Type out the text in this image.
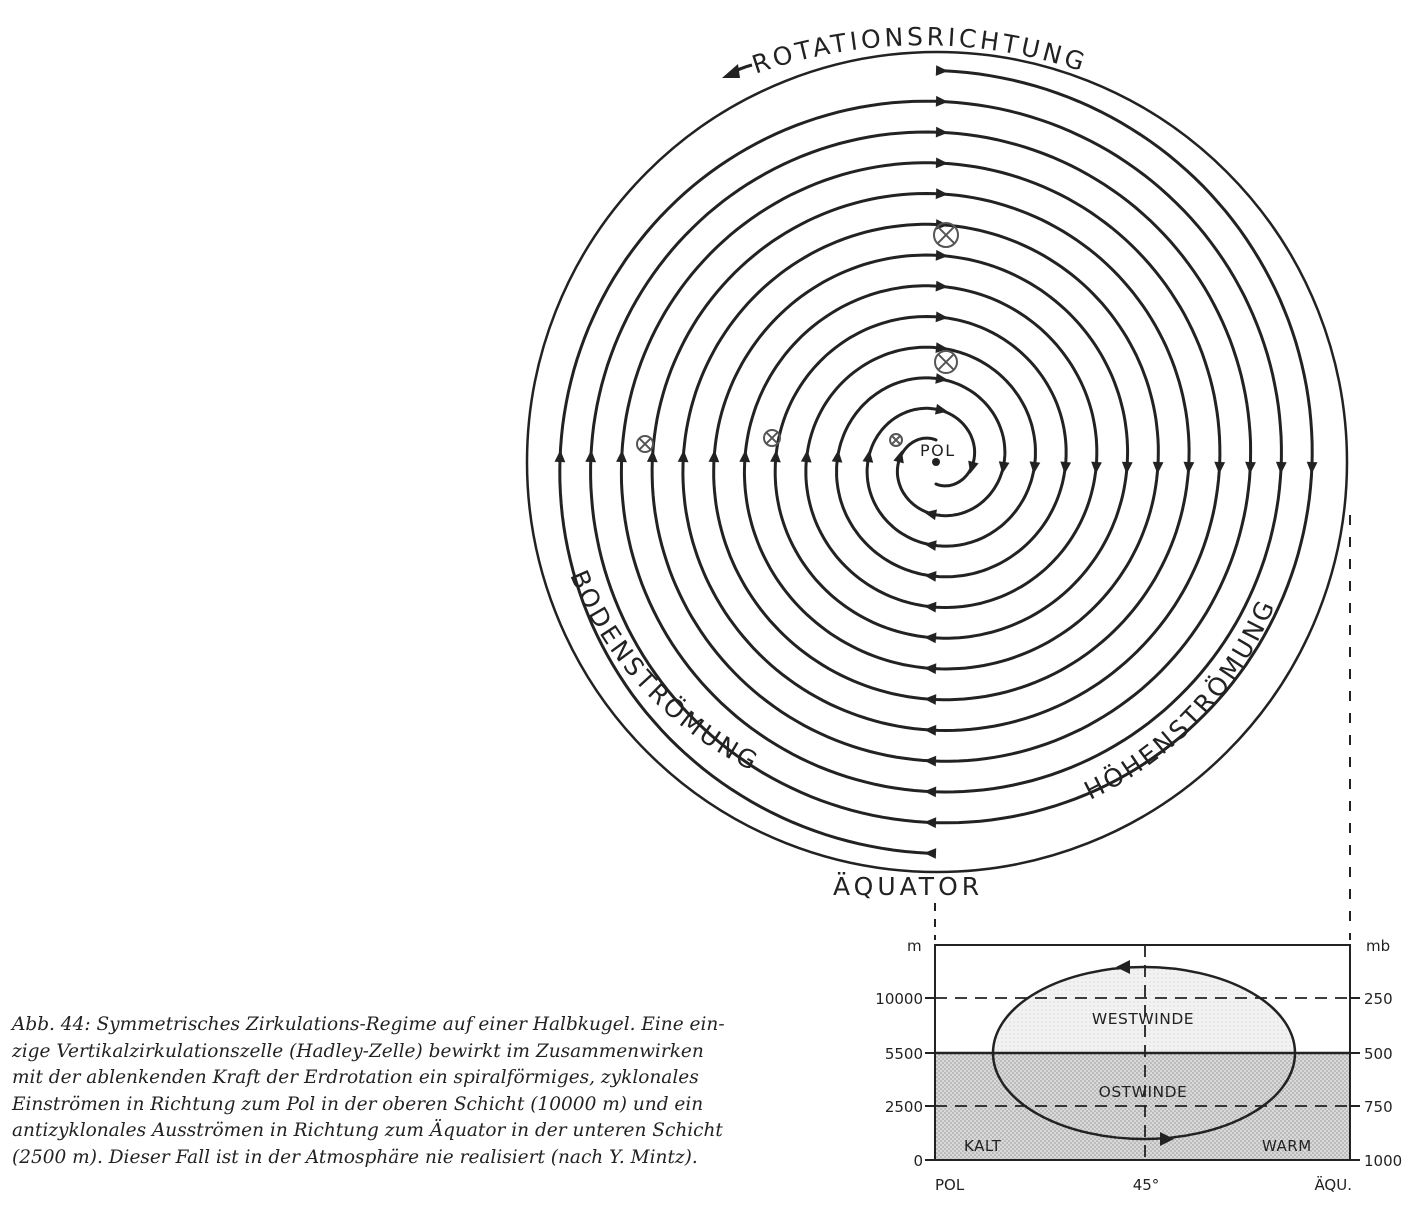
POL
ROTATIONSRICHTUNG
BODENSTRÖMUNG
HÖHENSTRÖMUNG
ÄQUATOR
WESTWINDE
OSTWINDE
KALT	WARM
m	mb
10000
5500
2500
0
250
500
750
1000
POL	45°	ÄQU.
Abb. 44: Symmetrisches Zirkulations-Regime auf einer Halbkugel. Eine ein-
zige Vertikalzirkulationszelle (Hadley-Zelle) bewirkt im Zusammenwirken
mit der ablenkenden Kraft der Erdrotation ein spiralförmiges, zyklonales
Einströmen in Richtung zum Pol in der oberen Schicht (10000 m) und ein
antizyklonales Ausströmen in Richtung zum Äquator in der unteren Schicht
(2500 m). Dieser Fall ist in der Atmosphäre nie realisiert (nach Y. Mintz).
